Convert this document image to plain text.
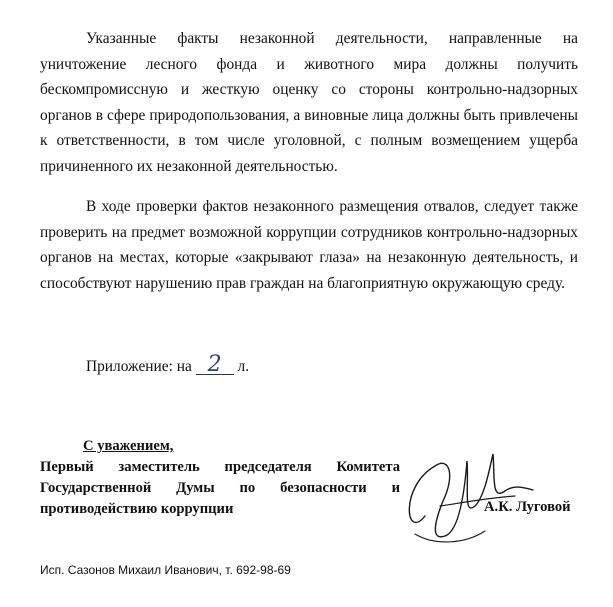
Указанные факты незаконной деятельности, направленные на уничтожение лесного фонда и животного мира должны получить бескомпромиссную и жесткую оценку со стороны контрольно-надзорных органов в сфере природопользования, а виновные лица должны быть привлечены к ответственности, в том числе уголовной, с полным возмещением ущерба причиненного их незаконной деятельностью.

В ходе проверки фактов незаконного размещения отвалов, следует также проверить на предмет возможной коррупции сотрудников контрольно-надзорных органов на местах, которые «закрывают глаза» на незаконную деятельность, и способствуют нарушению прав граждан на благоприятную окружающую среду.

Приложение: на 2 л.
С уважением,
Первый заместитель председателя Комитета
Государственной Думы по безопасности и
противодействию коррупции	А.К. Луговой
Исп. Сазонов Михаил Иванович, т. 692-98-69
